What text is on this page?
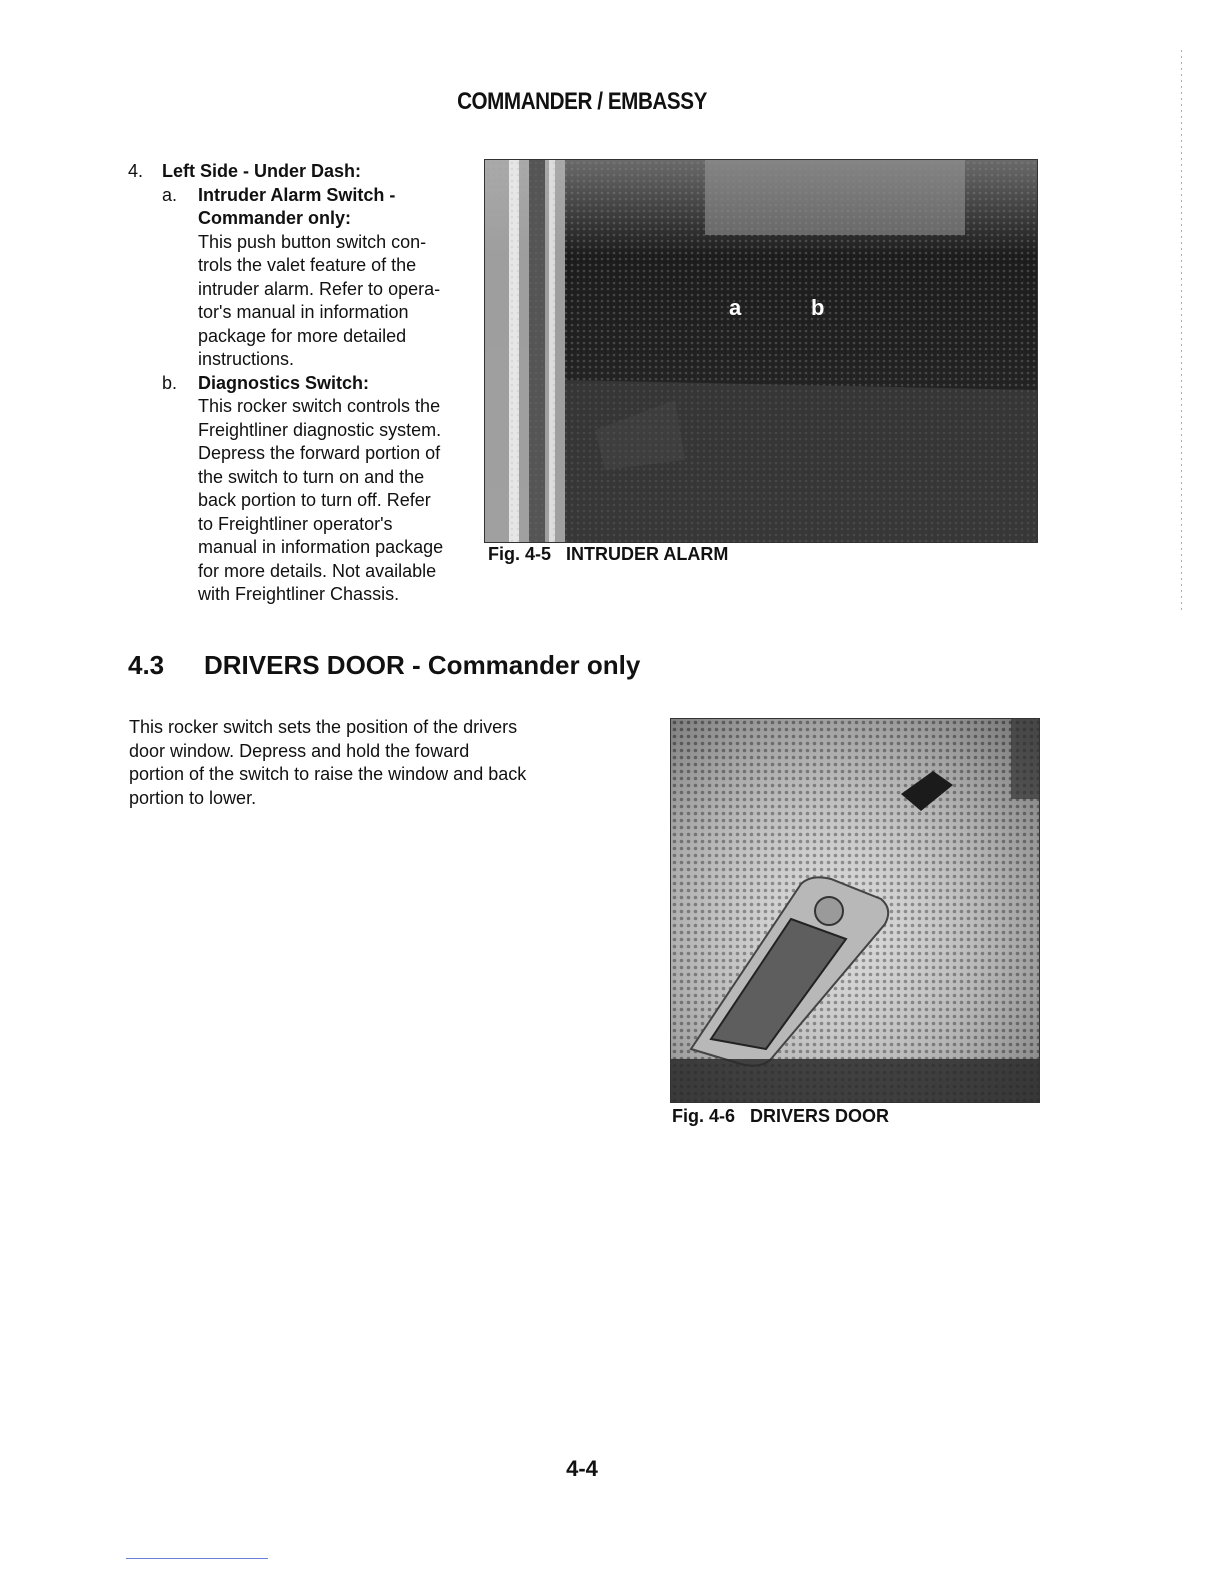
COMMANDER / EMBASSY
4.	Left Side - Under Dash:
a.	Intruder Alarm Switch -
Commander only:
This push button switch con-
trols the valet feature of the
intruder alarm. Refer to opera-
tor's manual in information
package for more detailed
instructions.
b.	Diagnostics Switch:
This rocker switch controls the
Freightliner diagnostic system.
Depress the forward portion of
the switch to turn on and the
back portion to turn off. Refer
to Freightliner operator's
manual in information package
for more details. Not available
with Freightliner Chassis.
a	b
Fig. 4-5 INTRUDER ALARM
4.3 DRIVERS DOOR - Commander only
This rocker switch sets the position of the drivers
door window. Depress and hold the foward
portion of the switch to raise the window and back
portion to lower.
Fig. 4-6 DRIVERS DOOR
4-4
